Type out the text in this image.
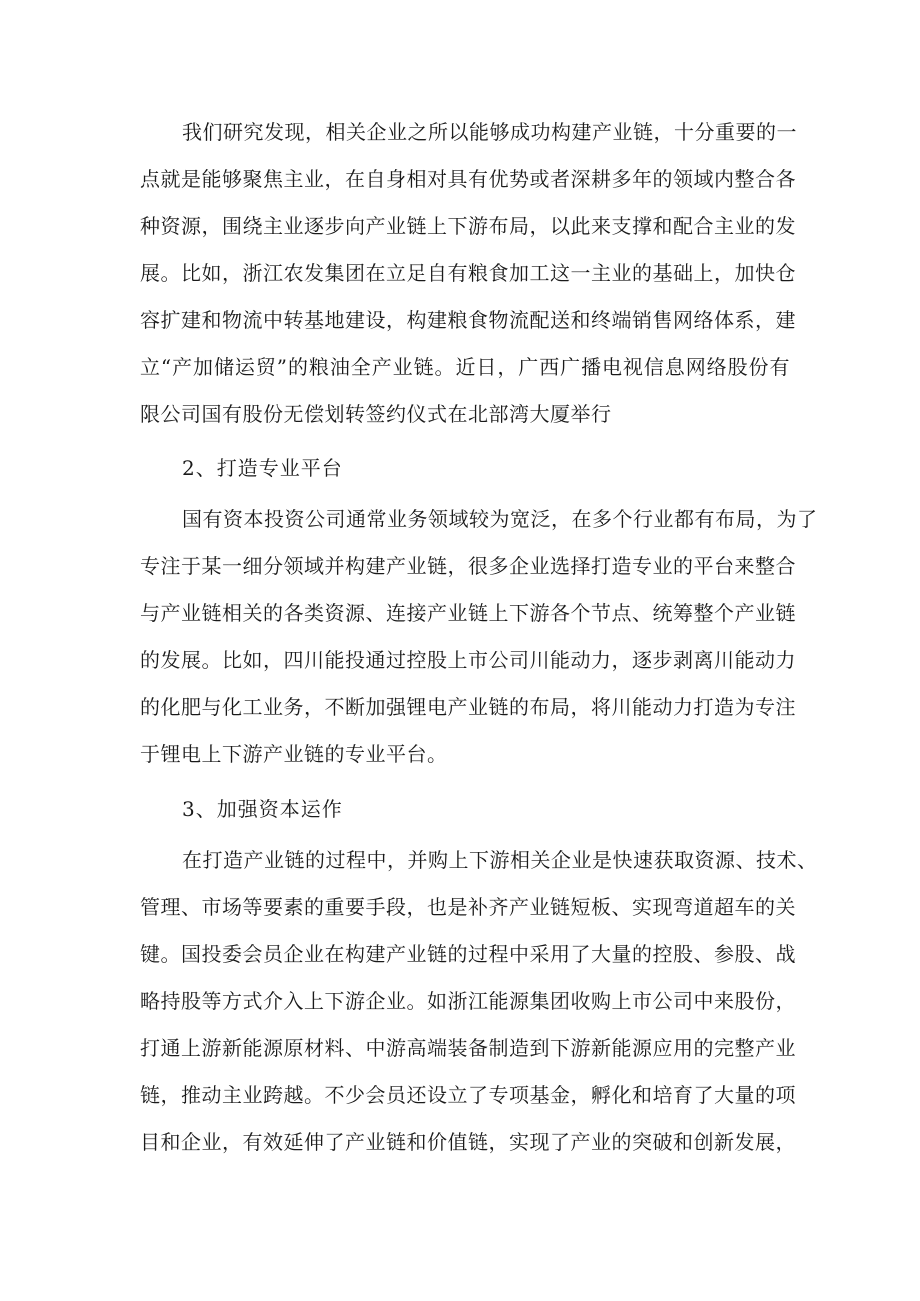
我们研究发现，相关企业之所以能够成功构建产业链，十分重要的一
点就是能够聚焦主业，在自身相对具有优势或者深耕多年的领域内整合各
种资源，围绕主业逐步向产业链上下游布局，以此来支撑和配合主业的发
展。比如，浙江农发集团在立足自有粮食加工这一主业的基础上，加快仓
容扩建和物流中转基地建设，构建粮食物流配送和终端销售网络体系，建
立“产加储运贸”的粮油全产业链。近日，广西广播电视信息网络股份有
限公司国有股份无偿划转签约仪式在北部湾大厦举行
2、打造专业平台
国有资本投资公司通常业务领域较为宽泛，在多个行业都有布局，为了
专注于某一细分领域并构建产业链，很多企业选择打造专业的平台来整合
与产业链相关的各类资源、连接产业链上下游各个节点、统筹整个产业链
的发展。比如，四川能投通过控股上市公司川能动力，逐步剥离川能动力
的化肥与化工业务，不断加强锂电产业链的布局，将川能动力打造为专注
于锂电上下游产业链的专业平台。
3、加强资本运作
在打造产业链的过程中，并购上下游相关企业是快速获取资源、技术、
管理、市场等要素的重要手段，也是补齐产业链短板、实现弯道超车的关
键。国投委会员企业在构建产业链的过程中采用了大量的控股、参股、战
略持股等方式介入上下游企业。如浙江能源集团收购上市公司中来股份，
打通上游新能源原材料、中游高端装备制造到下游新能源应用的完整产业
链，推动主业跨越。不少会员还设立了专项基金，孵化和培育了大量的项
目和企业，有效延伸了产业链和价值链，实现了产业的突破和创新发展，
